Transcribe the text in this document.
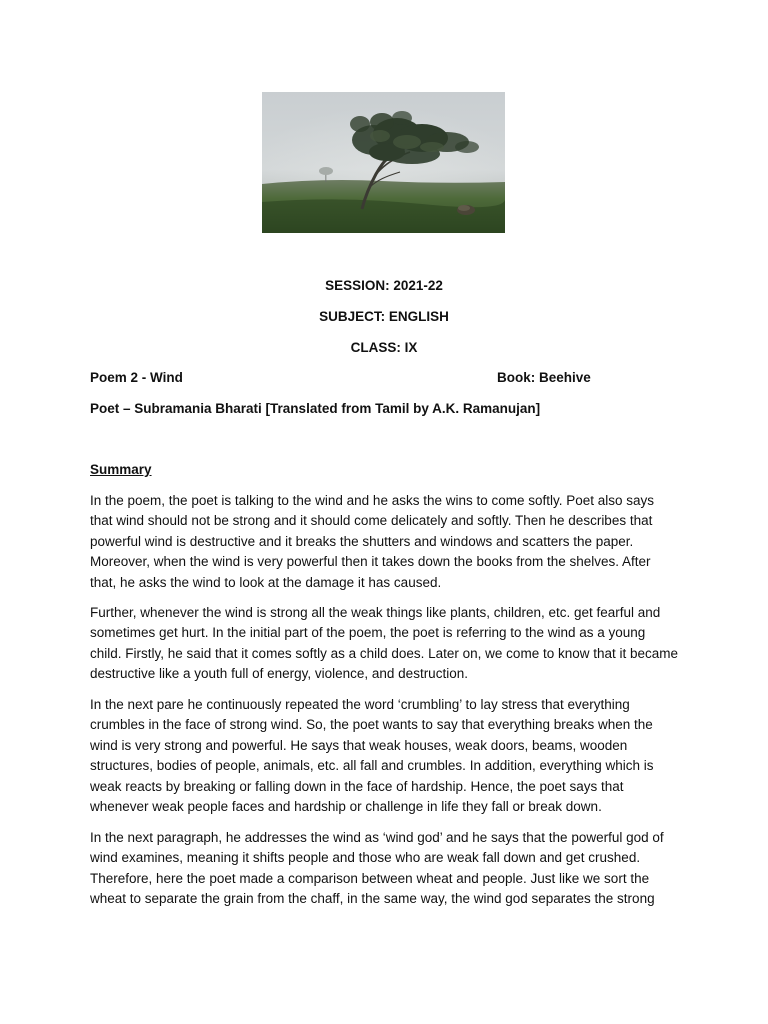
SESSION: 2021-22
SUBJECT: ENGLISH
CLASS: IX
Poem 2 - Wind	Book: Beehive
Poet – Subramania Bharati [Translated from Tamil by A.K. Ramanujan]
Summary

In the poem, the poet is talking to the wind and he asks the wins to come softly. Poet also says that wind should not be strong and it should come delicately and softly. Then he describes that powerful wind is destructive and it breaks the shutters and windows and scatters the paper. Moreover, when the wind is very powerful then it takes down the books from the shelves. After that, he asks the wind to look at the damage it has caused.

Further, whenever the wind is strong all the weak things like plants, children, etc. get fearful and sometimes get hurt. In the initial part of the poem, the poet is referring to the wind as a young child. Firstly, he said that it comes softly as a child does. Later on, we come to know that it became destructive like a youth full of energy, violence, and destruction.

In the next pare he continuously repeated the word ‘crumbling’ to lay stress that everything crumbles in the face of strong wind. So, the poet wants to say that everything breaks when the wind is very strong and powerful. He says that weak houses, weak doors, beams, wooden structures, bodies of people, animals, etc. all fall and crumbles. In addition, everything which is weak reacts by breaking or falling down in the face of hardship. Hence, the poet says that whenever weak people faces and hardship or challenge in life they fall or break down.

In the next paragraph, he addresses the wind as ‘wind god’ and he says that the powerful god of wind examines, meaning it shifts people and those who are weak fall down and get crushed. Therefore, here the poet made a comparison between wheat and people. Just like we sort the wheat to separate the grain from the chaff, in the same way, the wind god separates the strong
